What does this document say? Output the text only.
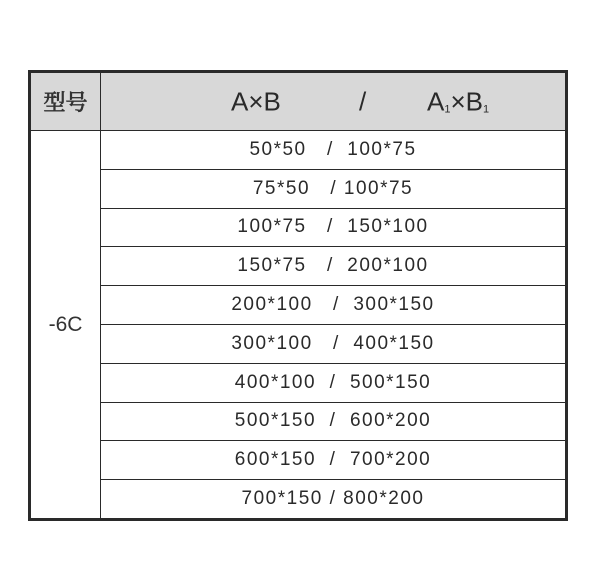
型号	$A\times B / A_1\times B_1$

-6C	50*50   /  100*75
	75*50   / 100*75
	100*75   /  150*100
	150*75   /  200*100
	200*100   /  300*150
	300*100   /  400*150
	400*100  /  500*150
	500*150  /  600*200
	600*150  /  700*200
	700*150 / 800*200
